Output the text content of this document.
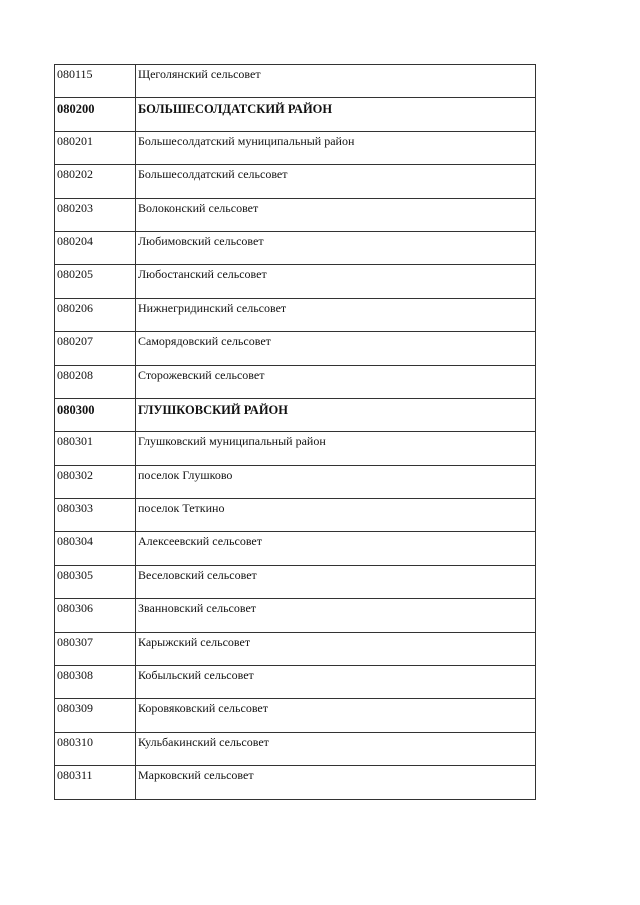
080115	Щеголянский сельсовет
080200	БОЛЬШЕСОЛДАТСКИЙ РАЙОН
080201	Большесолдатский муниципальный район
080202	Большесолдатский сельсовет
080203	Волоконский сельсовет
080204	Любимовский сельсовет
080205	Любостанский сельсовет
080206	Нижнегридинский сельсовет
080207	Саморядовский сельсовет
080208	Сторожевский сельсовет
080300	ГЛУШКОВСКИЙ РАЙОН
080301	Глушковский муниципальный район
080302	поселок Глушково
080303	поселок Теткино
080304	Алексеевский сельсовет
080305	Веселовский сельсовет
080306	Званновский сельсовет
080307	Карыжский сельсовет
080308	Кобыльский сельсовет
080309	Коровяковский сельсовет
080310	Кульбакинский сельсовет
080311	Марковский сельсовет
